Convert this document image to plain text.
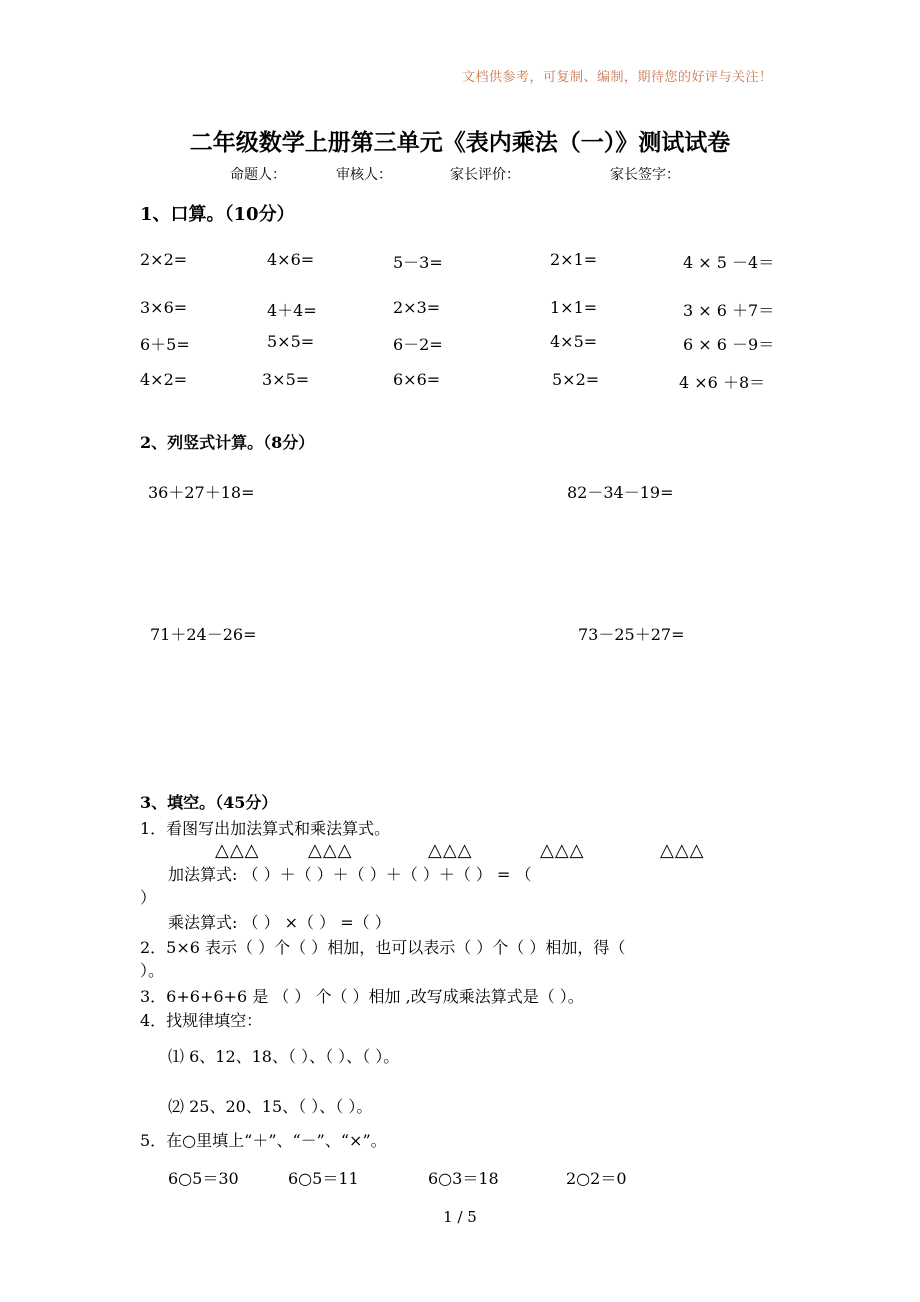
文档供参考，可复制、编制，期待您的好评与关注！
二年级数学上册第三单元《表内乘法（一）》测试试卷
命题人：	审核人：	家长评价：	家长签字：
1、口算。（10分）
2×2=	4×6=	5－3=	2×1=	4 × 5 －4＝
3×6=	4＋4=	2×3=	1×1=	3 × 6 ＋7＝
6＋5=	5×5=	6－2=	4×5=	6 × 6 －9＝
4×2=	3×5=	6×6=	5×2=	4 ×6 ＋8＝
2、列竖式计算。（8分）
36＋27＋18=	82－34－19=
71＋24－26=	73－25＋27=
3、填空。（45分）
1．看图写出加法算式和乘法算式。
△△△	△△△	△△△	△△△	△△△
加法算式: （ ）＋（ ）＋（ ）＋（ ）＋（ ） = （
）
乘法算式: （ ） ×（ ） =（ ）
2．5×6 表示（ ）个（ ）相加，也可以表示（ ）个（ ）相加，得（
）。
3．6+6+6+6 是 （ ） 个（ ）相加 ,改写成乘法算式是（ ）。
4．找规律填空：
⑴ 6、12、18、（ ）、（ ）、（ ）。
⑵ 25、20、15、（ ）、（ ）。
5．在○里填上“＋”、“－”、“×”。
6○5＝30	6○5＝11	6○3＝18	2○2＝0
1 / 5
